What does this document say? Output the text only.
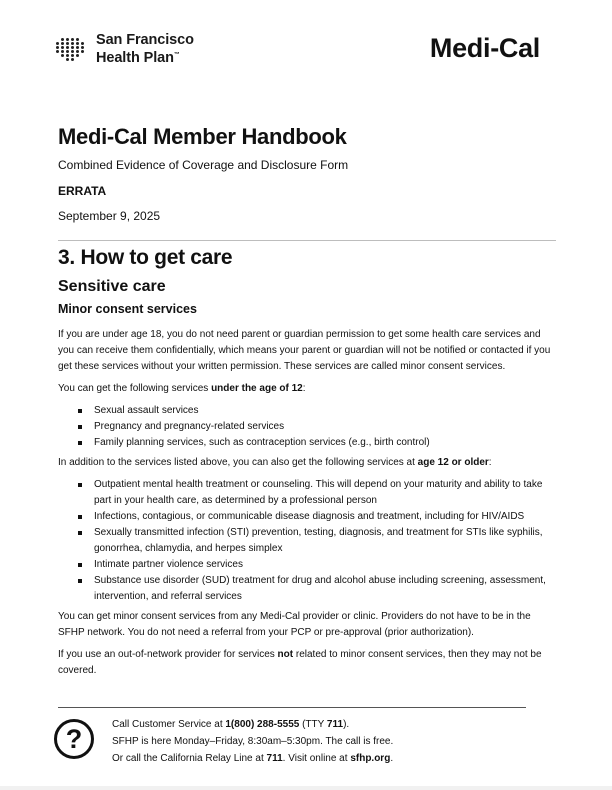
San Francisco
Health Plan™	Medi-Cal
Medi-Cal Member Handbook
Combined Evidence of Coverage and Disclosure Form
ERRATA
September 9, 2025
3. How to get care
Sensitive care
Minor consent services

If you are under age 18, you do not need parent or guardian permission to get some health care services and you can receive them confidentially, which means your parent or guardian will not be notified or contacted if you get these services without your written permission. These services are called minor consent services.

You can get the following services under the age of 12:

Sexual assault services
Pregnancy and pregnancy-related services
Family planning services, such as contraception services (e.g., birth control)

In addition to the services listed above, you can also get the following services at age 12 or older:

Outpatient mental health treatment or counseling. This will depend on your maturity and ability to take part in your health care, as determined by a professional person
Infections, contagious, or communicable disease diagnosis and treatment, including for HIV/AIDS
Sexually transmitted infection (STI) prevention, testing, diagnosis, and treatment for STIs like syphilis, gonorrhea, chlamydia, and herpes simplex
Intimate partner violence services
Substance use disorder (SUD) treatment for drug and alcohol abuse including screening, assessment, intervention, and referral services

You can get minor consent services from any Medi-Cal provider or clinic. Providers do not have to be in the SFHP network. You do not need a referral from your PCP or pre-approval (prior authorization).

If you use an out-of-network provider for services not related to minor consent services, then they may not be covered.

?	Call Customer Service at 1(800) 288-5555 (TTY 711).
SFHP is here Monday–Friday, 8:30am–5:30pm. The call is free.
Or call the California Relay Line at 711. Visit online at sfhp.org.
